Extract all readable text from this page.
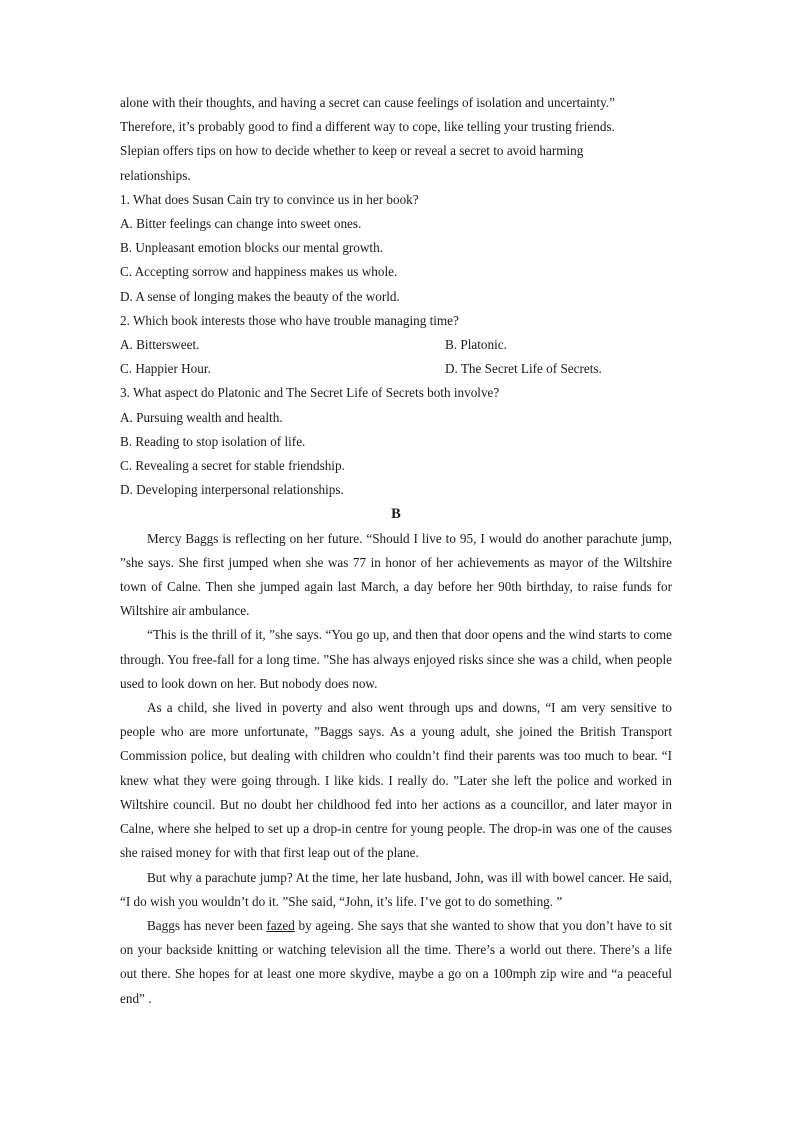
alone with their thoughts, and having a secret can cause feelings of isolation and uncertainty.”
Therefore, it’s probably good to find a different way to cope, like telling your trusting friends.
Slepian offers tips on how to decide whether to keep or reveal a secret to avoid harming
relationships.
1. What does Susan Cain try to convince us in her book?
A. Bitter feelings can change into sweet ones.
B. Unpleasant emotion blocks our mental growth.
C. Accepting sorrow and happiness makes us whole.
D. A sense of longing makes the beauty of the world.
2. Which book interests those who have trouble managing time?
A. Bittersweet.	B. Platonic.
C. Happier Hour.	D. The Secret Life of Secrets.
3. What aspect do Platonic and The Secret Life of Secrets both involve?
A. Pursuing wealth and health.
B. Reading to stop isolation of life.
C. Revealing a secret for stable friendship.
D. Developing interpersonal relationships.
B
Mercy Baggs is reflecting on her future. “Should I live to 95, I would do another parachute jump, ”she says. She first jumped when she was 77 in honor of her achievements as mayor of the Wiltshire town of Calne. Then she jumped again last March, a day before her 90th birthday, to raise funds for Wiltshire air ambulance.
“This is the thrill of it, ”she says. “You go up, and then that door opens and the wind starts to come through. You free-fall for a long time. ”She has always enjoyed risks since she was a child, when people used to look down on her. But nobody does now.
As a child, she lived in poverty and also went through ups and downs, “I am very sensitive to people who are more unfortunate, ”Baggs says. As a young adult, she joined the British Transport Commission police, but dealing with children who couldn’t find their parents was too much to bear. “I knew what they were going through. I like kids. I really do. ”Later she left the police and worked in Wiltshire council. But no doubt her childhood fed into her actions as a councillor, and later mayor in Calne, where she helped to set up a drop-in centre for young people. The drop-in was one of the causes she raised money for with that first leap out of the plane.
But why a parachute jump? At the time, her late husband, John, was ill with bowel cancer. He said, “I do wish you wouldn’t do it. ”She said, “John, it’s life. I’ve got to do something. ”
Baggs has never been fazed by ageing. She says that she wanted to show that you don’t have to sit on your backside knitting or watching television all the time. There’s a world out there. There’s a life out there. She hopes for at least one more skydive, maybe a go on a 100mph zip wire and “a peaceful end” .
